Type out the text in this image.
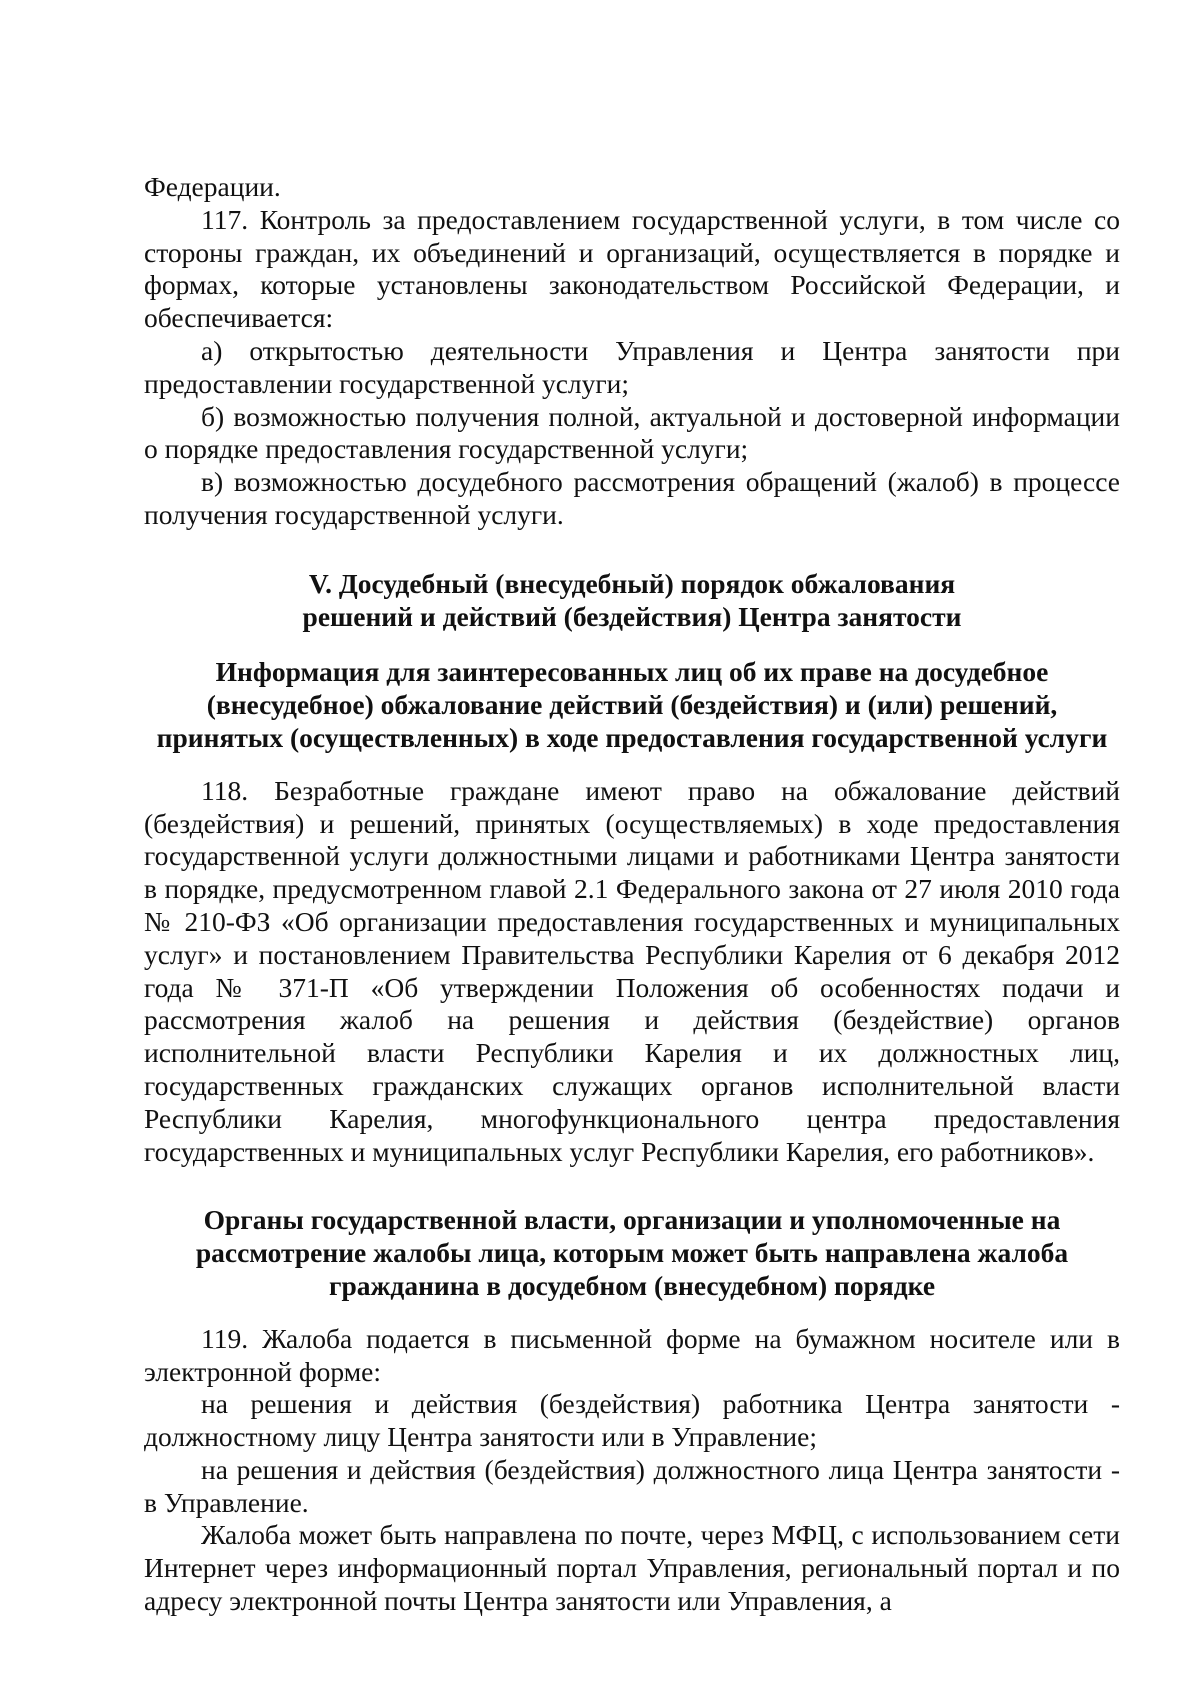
Федерации.

117. Контроль за предоставлением государственной услуги, в том числе со стороны граждан, их объединений и организаций, осуществляется в порядке и формах, которые установлены законодательством Российской Федерации, и обеспечивается:

а) открытостью деятельности Управления и Центра занятости при предоставлении государственной услуги;

б) возможностью получения полной, актуальной и достоверной информации о порядке предоставления государственной услуги;

в) возможностью досудебного рассмотрения обращений (жалоб) в процессе получения государственной услуги.

V. Досудебный (внесудебный) порядок обжалования
решений и действий (бездействия) Центра занятости
Информация для заинтересованных лиц об их праве на досудебное (внесудебное) обжалование действий (бездействия) и (или) решений, принятых (осуществленных) в ходе предоставления государственной услуги

118. Безработные граждане имеют право на обжалование действий (бездействия) и решений, принятых (осуществляемых) в ходе предоставления государственной услуги должностными лицами и работниками Центра занятости в порядке, предусмотренном главой 2.1 Федерального закона от 27 июля 2010 года № 210-ФЗ «Об организации предоставления государственных и муниципальных услуг» и постановлением Правительства Республики Карелия от 6 декабря 2012 года № 371-П «Об утверждении Положения об особенностях подачи и рассмотрения жалоб на решения и действия (бездействие) органов исполнительной власти Республики Карелия и их должностных лиц, государственных гражданских служащих органов исполнительной власти Республики Карелия, многофункционального центра предоставления государственных и муниципальных услуг Республики Карелия, его работников».

Органы государственной власти, организации и уполномоченные на рассмотрение жалобы лица, которым может быть направлена жалоба гражданина в досудебном (внесудебном) порядке

119. Жалоба подается в письменной форме на бумажном носителе или в электронной форме:

на решения и действия (бездействия) работника Центра занятости - должностному лицу Центра занятости или в Управление;

на решения и действия (бездействия) должностного лица Центра занятости - в Управление.

Жалоба может быть направлена по почте, через МФЦ, с использованием сети Интернет через информационный портал Управления, региональный портал и по адресу электронной почты Центра занятости или Управления, а
